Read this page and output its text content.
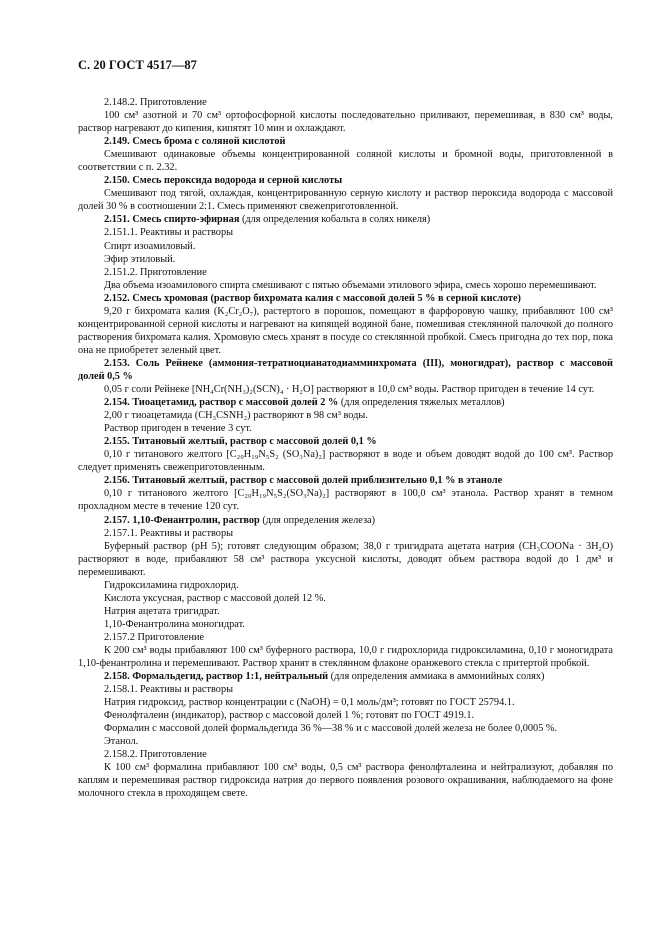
С. 20 ГОСТ 4517—87

2.148.2. Приготовление

100 см³ азотной и 70 см³ ортофосфорной кислоты последовательно приливают, перемешивая, в 830 см³ воды, раствор нагревают до кипения, кипятят 10 мин и охлаждают.

2.149. Смесь брома с соляной кислотой

Смешивают одинаковые объемы концентрированной соляной кислоты и бромной воды, приготовленной в соответствии с п. 2.32.

2.150. Смесь пероксида водорода и серной кислоты

Смешивают под тягой, охлаждая, концентрированную серную кислоту и раствор пероксида водорода с массовой долей 30 % в соотношении 2:1. Смесь применяют свежеприготовленной.

2.151. Смесь спирто-эфирная (для определения кобальта в солях никеля)

2.151.1. Реактивы и растворы

Спирт изоамиловый.

Эфир этиловый.

2.151.2. Приготовление

Два объема изоамилового спирта смешивают с пятью объемами этилового эфира, смесь хорошо перемешивают.

2.152. Смесь хромовая (раствор бихромата калия с массовой долей 5 % в серной кислоте)

9,20 г бихромата калия (K₂Cr₂O₇), растертого в порошок, помещают в фарфоровую чашку, прибавляют 100 см³ концентрированной серной кислоты и нагревают на кипящей водяной бане, помешивая стеклянной палочкой до полного растворения бихромата калия. Хромовую смесь хранят в посуде со стеклянной пробкой. Смесь пригодна до тех пор, пока она не приобретет зеленый цвет.

2.153. Соль Рейнеке (аммония-тетратиоцианатодиамминхромата (III), моногидрат), раствор с массовой долей 0,5 %

0,05 г соли Рейнеке [NH₄Cr(NH₃)₂(SCN)₄ · H₂O] растворяют в 10,0 см³ воды. Раствор пригоден в течение 14 сут.

2.154. Тиоацетамид, раствор с массовой долей 2 % (для определения тяжелых металлов)

2,00 г тиоацетамида (CH₃CSNH₂) растворяют в 98 см³ воды.

Раствор пригоден в течение 3 сут.

2.155. Титановый желтый, раствор с массовой долей 0,1 %

0,10 г титанового желтого [C₂₀H₁₉N₅S₂ (SO₃Na)₂] растворяют в воде и объем доводят водой до 100 см³. Раствор следует применять свежеприготовленным.

2.156. Титановый желтый, раствор с массовой долей приблизительно 0,1 % в этаноле

0,10 г титанового желтого [C₂₀H₁₉N₅S₂(SO₃Na)₂] растворяют в 100,0 см³ этанола. Раствор хранят в темном прохладном месте в течение 120 сут.

2.157. 1,10-Фенантролин, раствор (для определения железа)

2.157.1. Реактивы и растворы

Буферный раствор (рН 5); готовят следующим образом; 38,0 г тригидрата ацетата натрия (CH₃COONa · 3H₂O) растворяют в воде, прибавляют 58 см³ раствора уксусной кислоты, доводят объем раствора водой до 1 дм³ и перемешивают.

Гидроксиламина гидрохлорид.

Кислота уксусная, раствор с массовой долей 12 %.

Натрия ацетата тригидрат.

1,10-Фенантролина моногидрат.

2.157.2 Приготовление

К 200 см³ воды прибавляют 100 см³ буферного раствора, 10,0 г гидрохлорида гидроксиламина, 0,10 г моногидрата 1,10-фенантролина и перемешивают. Раствор хранят в стеклянном флаконе оранжевого стекла с притертой пробкой.

2.158. Формальдегид, раствор 1:1, нейтральный (для определения аммиака в аммонийных солях)

2.158.1. Реактивы и растворы

Натрия гидроксид, раствор концентрации c (NaOH) = 0,1 моль/дм³; готовят по ГОСТ 25794.1.

Фенолфталеин (индикатор), раствор с массовой долей 1 %; готовят по ГОСТ 4919.1.

Формалин с массовой долей формальдегида 36 %—38 % и с массовой долей железа не более 0,0005 %.

Этанол.

2.158.2. Приготовление

К 100 см³ формалина прибавляют 100 см³ воды, 0,5 см³ раствора фенолфталеина и нейтрализуют, добавляя по каплям и перемешивая раствор гидроксида натрия до первого появления розового окрашивания, наблюдаемого на фоне молочного стекла в проходящем свете.
